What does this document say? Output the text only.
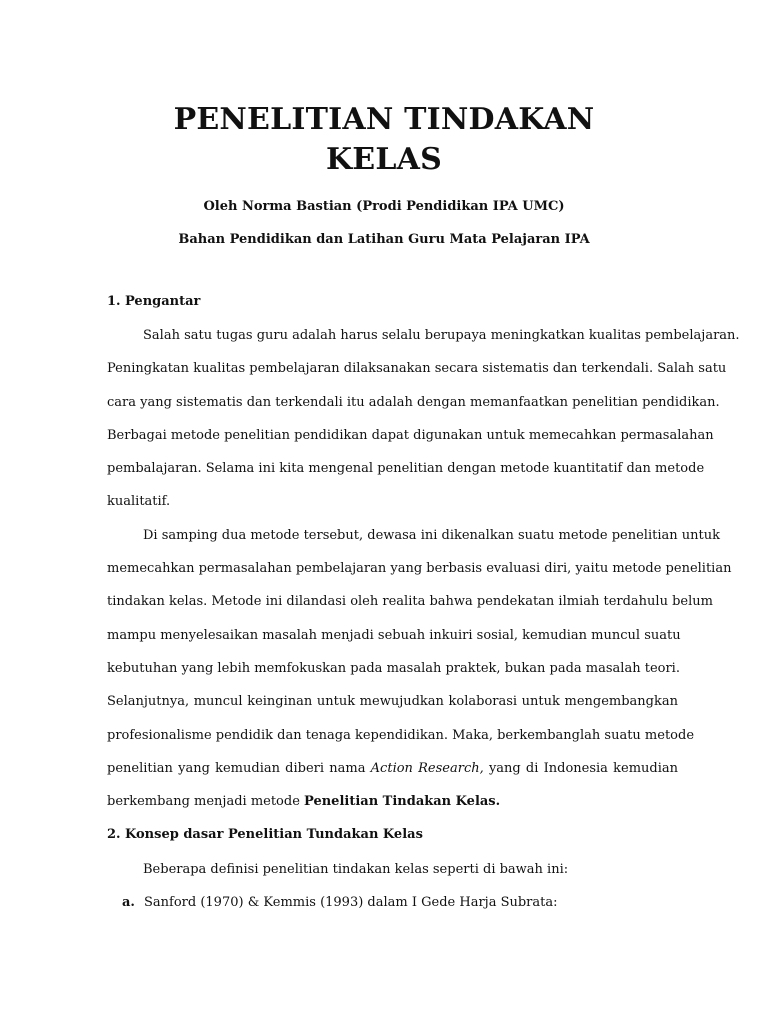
PENELITIAN TINDAKAN
KELAS
Oleh Norma Bastian (Prodi Pendidikan IPA UMC)
Bahan Pendidikan dan Latihan Guru Mata Pelajaran IPA
1. Pengantar
Salah satu tugas guru adalah harus selalu berupaya meningkatkan kualitas pembelajaran.
Peningkatan kualitas pembelajaran dilaksanakan secara sistematis dan terkendali. Salah satu
cara yang sistematis dan terkendali itu adalah dengan memanfaatkan penelitian pendidikan.
Berbagai metode penelitian pendidikan dapat digunakan untuk memecahkan permasalahan
pembalajaran. Selama ini kita mengenal penelitian dengan metode kuantitatif dan metode
kualitatif.
Di samping dua metode tersebut, dewasa ini dikenalkan suatu metode penelitian untuk
memecahkan permasalahan pembelajaran yang berbasis evaluasi diri, yaitu metode penelitian
tindakan kelas. Metode ini dilandasi oleh realita bahwa pendekatan ilmiah terdahulu belum
mampu menyelesaikan masalah menjadi sebuah inkuiri sosial, kemudian muncul suatu
kebutuhan yang lebih memfokuskan pada masalah praktek, bukan pada masalah teori.
Selanjutnya, muncul keinginan untuk mewujudkan kolaborasi untuk mengembangkan
profesionalisme pendidik dan tenaga kependidikan. Maka, berkembanglah suatu metode
penelitian yang kemudian diberi nama Action Research, yang di Indonesia kemudian
berkembang menjadi metode Penelitian Tindakan Kelas.
2. Konsep dasar Penelitian Tundakan Kelas
Beberapa definisi penelitian tindakan kelas seperti di bawah ini:
a. Sanford (1970) & Kemmis (1993) dalam I Gede Harja Subrata:
